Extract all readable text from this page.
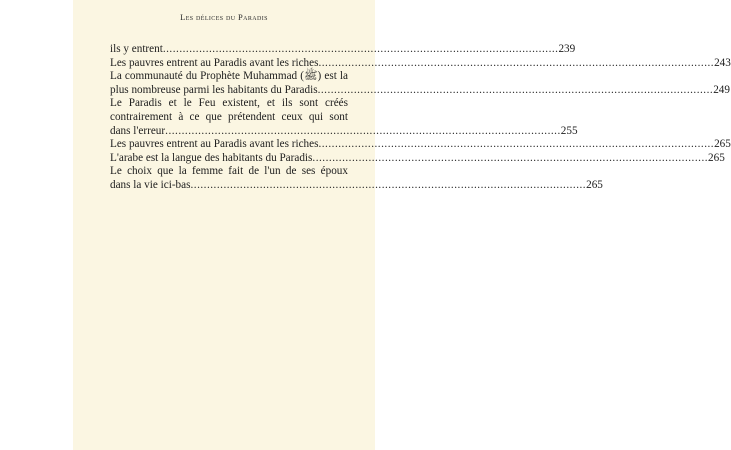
Les délices du Paradis
ils y entrent........................................................................................................................239
Les pauvres entrent au Paradis avant les riches........................................................................................................................243
La communauté du Prophète Muhammad (ﷺ) est la
plus nombreuse parmi les habitants du Paradis........................................................................................................................249
Le Paradis et le Feu existent, et ils sont créés
contrairement à ce que prétendent ceux qui sont
dans l'erreur........................................................................................................................255
Les pauvres entrent au Paradis avant les riches........................................................................................................................265
L'arabe est la langue des habitants du Paradis........................................................................................................................265
Le choix que la femme fait de l'un de ses époux
dans la vie ici-bas........................................................................................................................265
